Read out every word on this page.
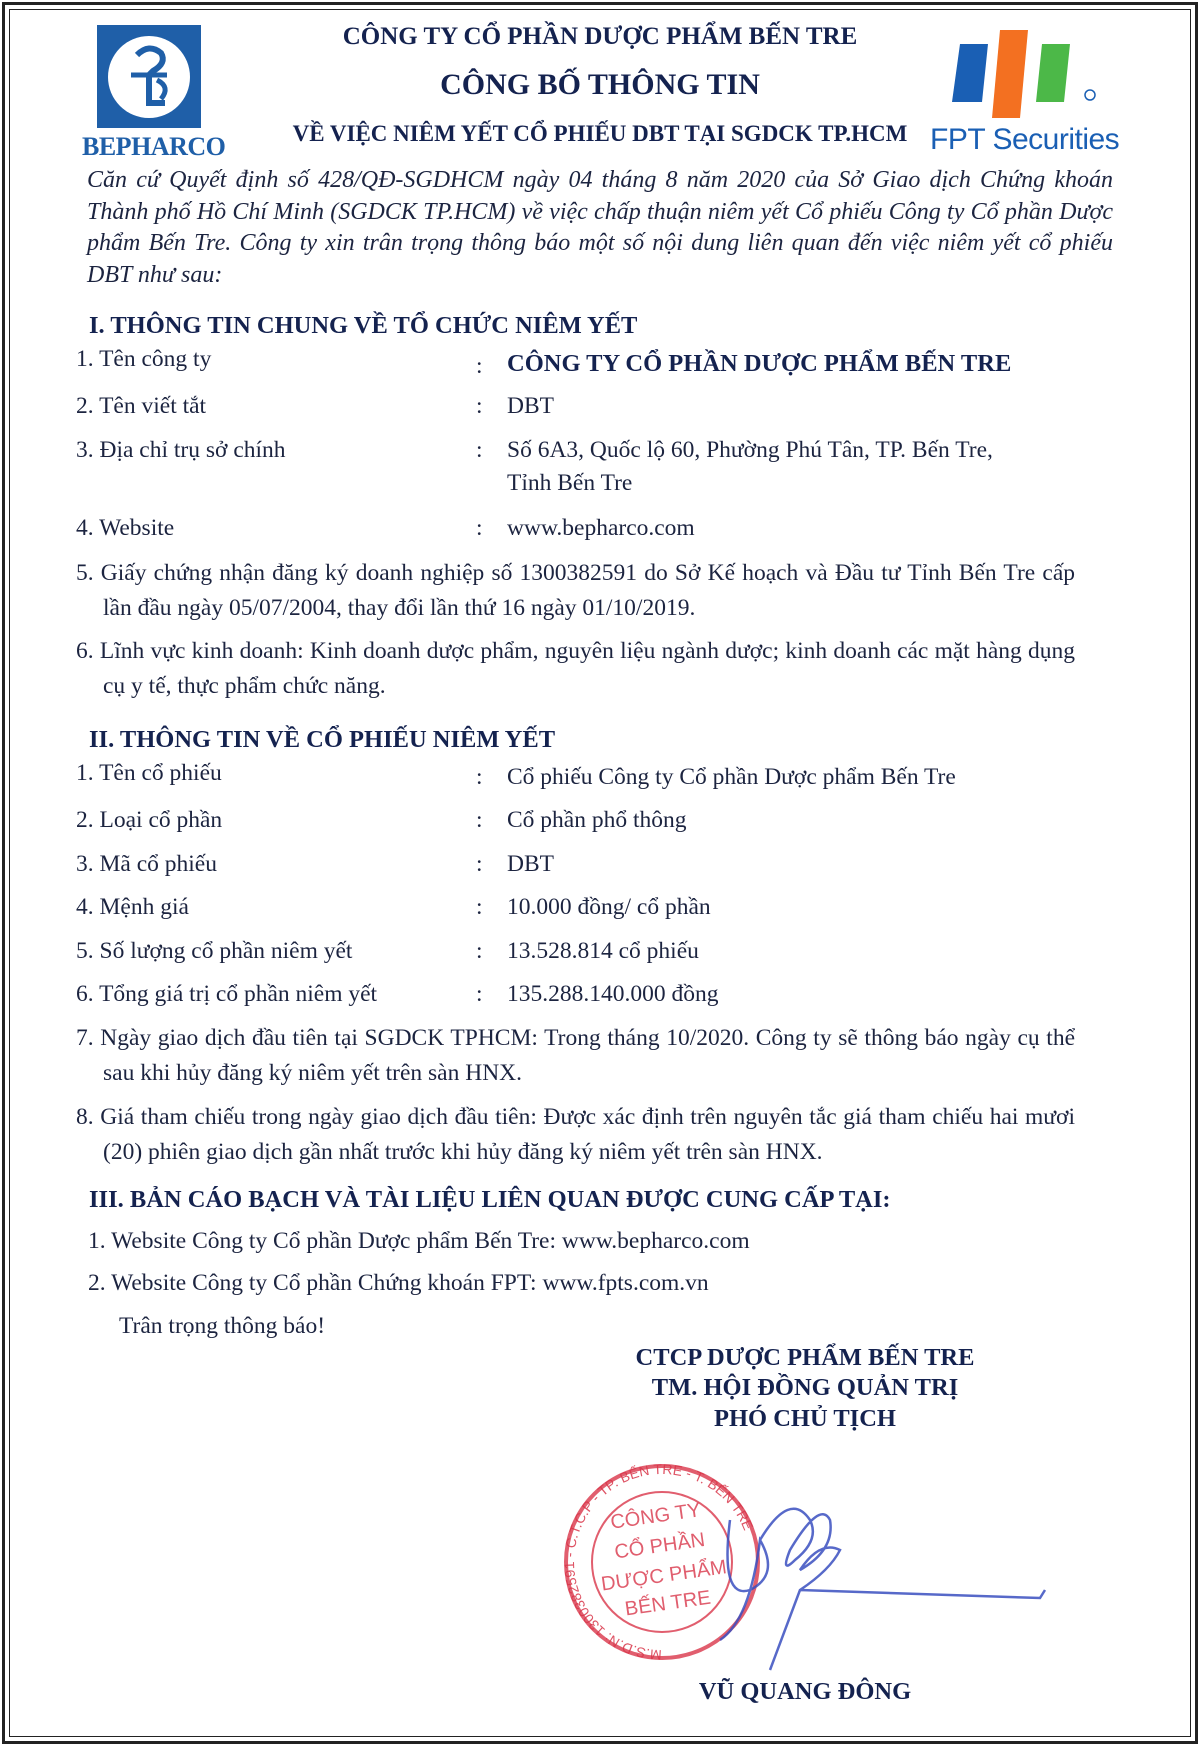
BEPHARCO	FPT Securities
CÔNG TY CỔ PHẦN DƯỢC PHẨM BẾN TRE
CÔNG BỐ THÔNG TIN
VỀ VIỆC NIÊM YẾT CỔ PHIẾU DBT TẠI SGDCK TP.HCM
Căn cứ Quyết định số 428/QĐ-SGDHCM ngày 04 tháng 8 năm 2020 của Sở Giao dịch Chứng khoán Thành phố Hồ Chí Minh (SGDCK TP.HCM) về việc chấp thuận niêm yết Cổ phiếu Công ty Cổ phần Dược phẩm Bến Tre. Công ty xin trân trọng thông báo một số nội dung liên quan đến việc niêm yết cổ phiếu DBT như sau:
I. THÔNG TIN CHUNG VỀ TỔ CHỨC NIÊM YẾT
1. Tên công ty	: CÔNG TY CỔ PHẦN DƯỢC PHẨM BẾN TRE
2. Tên viết tắt	: DBT
3. Địa chỉ trụ sở chính	: Số 6A3, Quốc lộ 60, Phường Phú Tân, TP. Bến Tre,
Tỉnh Bến Tre
4. Website	: www.bepharco.com
5. Giấy chứng nhận đăng ký doanh nghiệp số 1300382591 do Sở Kế hoạch và Đầu tư Tỉnh Bến Tre cấp lần đầu ngày 05/07/2004, thay đổi lần thứ 16 ngày 01/10/2019.
6. Lĩnh vực kinh doanh: Kinh doanh dược phẩm, nguyên liệu ngành dược; kinh doanh các mặt hàng dụng cụ y tế, thực phẩm chức năng.
II. THÔNG TIN VỀ CỔ PHIẾU NIÊM YẾT
1. Tên cổ phiếu	: Cổ phiếu Công ty Cổ phần Dược phẩm Bến Tre
2. Loại cổ phần	: Cổ phần phổ thông
3. Mã cổ phiếu	: DBT
4. Mệnh giá	: 10.000 đồng/ cổ phần
5. Số lượng cổ phần niêm yết	: 13.528.814 cổ phiếu
6. Tổng giá trị cổ phần niêm yết	: 135.288.140.000 đồng
7. Ngày giao dịch đầu tiên tại SGDCK TPHCM: Trong tháng 10/2020. Công ty sẽ thông báo ngày cụ thể sau khi hủy đăng ký niêm yết trên sàn HNX.
8. Giá tham chiếu trong ngày giao dịch đầu tiên: Được xác định trên nguyên tắc giá tham chiếu hai mươi (20) phiên giao dịch gần nhất trước khi hủy đăng ký niêm yết trên sàn HNX.
III. BẢN CÁO BẠCH VÀ TÀI LIỆU LIÊN QUAN ĐƯỢC CUNG CẤP TẠI:
1. Website Công ty Cổ phần Dược phẩm Bến Tre: www.bepharco.com
2. Website Công ty Cổ phần Chứng khoán FPT: www.fpts.com.vn
Trân trọng thông báo!
CTCP DƯỢC PHẨM BẾN TRE
TM. HỘI ĐỒNG QUẢN TRỊ
PHÓ CHỦ TỊCH
M.S.D.N: 1300382591 - C.T.C.P - TP. BẾN TRE - T. BẾN TRE
CÔNG TY
CỔ PHẦN
DƯỢC PHẨM
BẾN TRE
VŨ QUANG ĐÔNG
